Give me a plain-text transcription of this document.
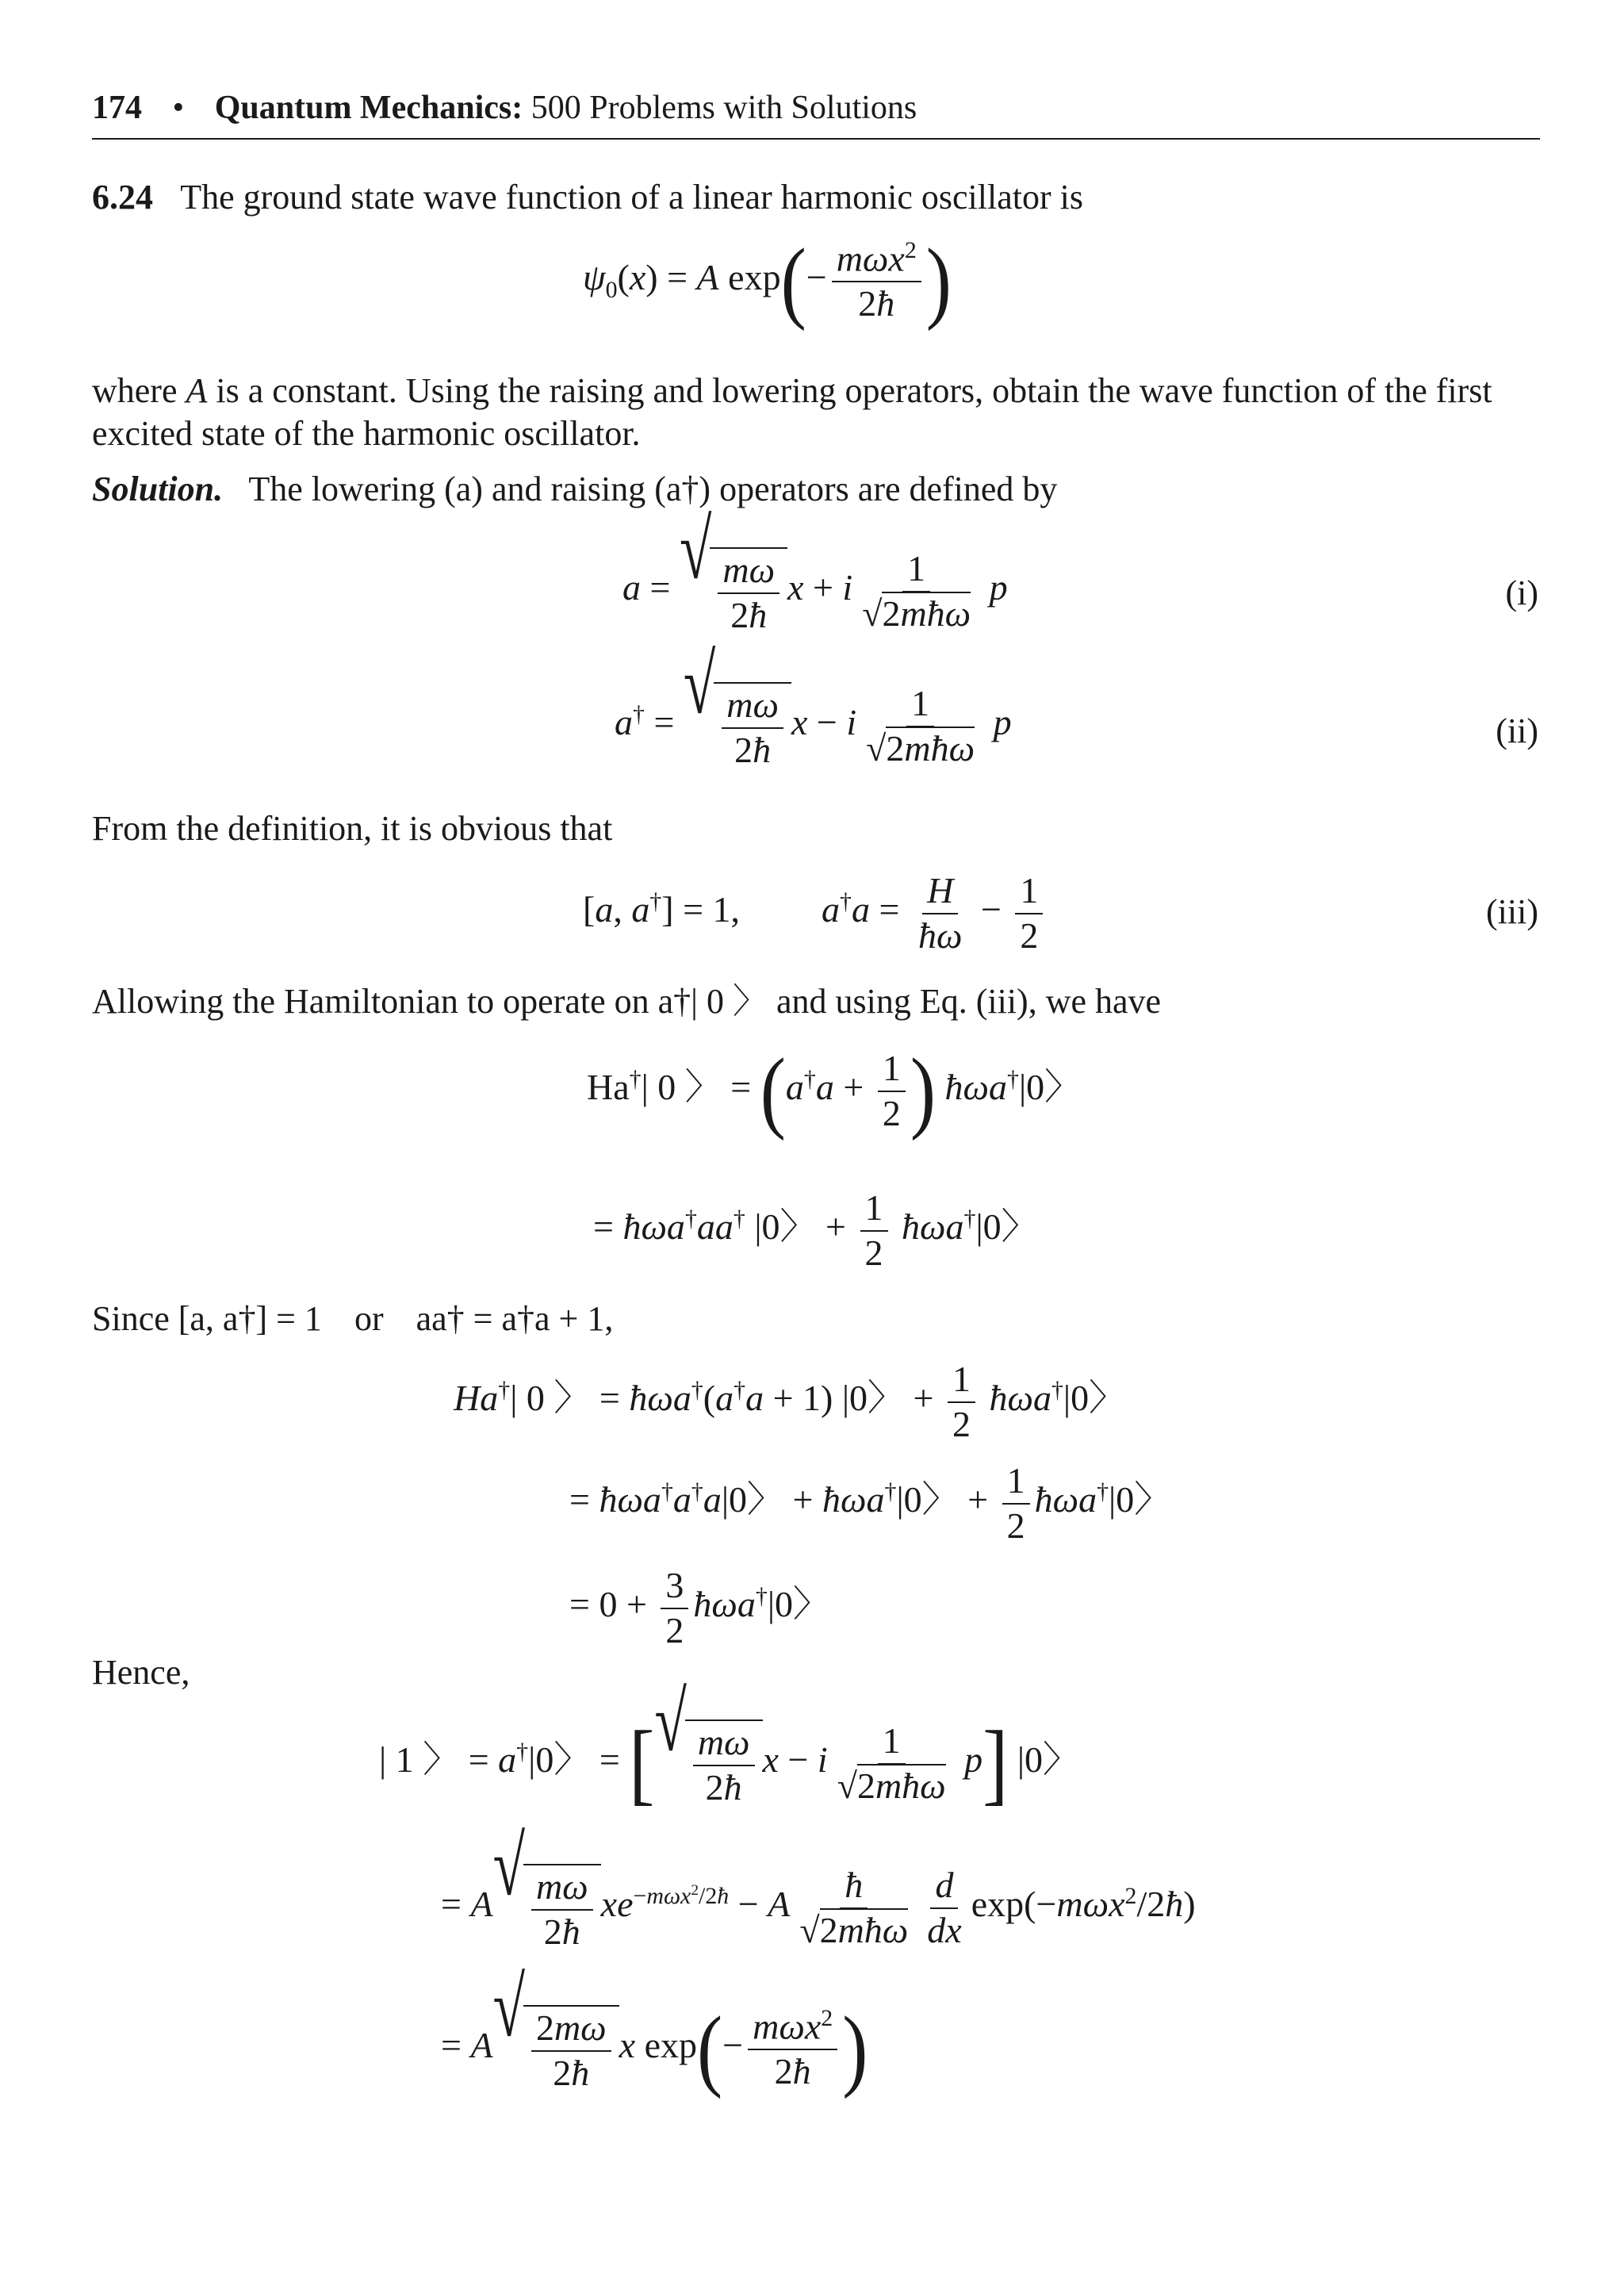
174 • Quantum Mechanics: 500 Problems with Solutions
6.24 The ground state wave function of a linear harmonic oscillator is
$\psi_0(x) = A$ $\exp(- \frac{m\omega x^2}{2ħ}$ )
where A is a constant. Using the raising and lowering operators, obtain the wave function of the first excited state of the harmonic oscillator.
Solution. The lowering (a) and raising (a†) operators are defined by
a = √ $\frac{m\omega}{2ħ}$ x + i $\frac{1}{\text{√2mħω}}$ p	(i)
a† = √ $\frac{m\omega}{2ħ}$ x − i $\frac{1}{\text{√2mħω}}$ p	(ii)
From the definition, it is obvious that
[a, a†] = 1,  $a^\dagger a = \frac{H}{ħ\omega} - \frac{1}{2}$	(iii)
Allowing the Hamiltonian to operate on a†| 0 〉 and using Eq. (iii), we have
Ha†| 0 〉 = ($a^\dagger a + \frac{1}{2}$ ) ħωa†|0〉
= ħωa†aa† |0〉 + $\frac{1}{2}$ ħωa†|0〉
Since [a, a†] = 1 or aa† = a†a + 1,
Ha†| 0 〉 = ħωa†(a†a + 1) |0〉 + $\frac{1}{2}$ ħωa†|0〉
= ħωa†a†a|0〉 + ħωa†|0〉 + $\frac{1}{2}$ ħωa†|0〉
= $0 + \frac{3}{2}$ ħωa†|0〉
Hence,
| 1 〉 = a†|0〉 = [ √ $\frac{m\omega}{2ħ}$ x − i $\frac{1}{\text{√2mħω}} p$] |0〉
= A √ $\frac{m\omega}{2ħ} xe^{-m\omega x^2/2ħ} - A \frac{ħ}{\text{√2mħω}} \frac{d}{dx}$ exp(−mωx$^2$/2ħ)
= A √ $\frac{2m\omega}{2ħ}$ x $\exp(- \frac{m\omega x^2}{2ħ}$ )
